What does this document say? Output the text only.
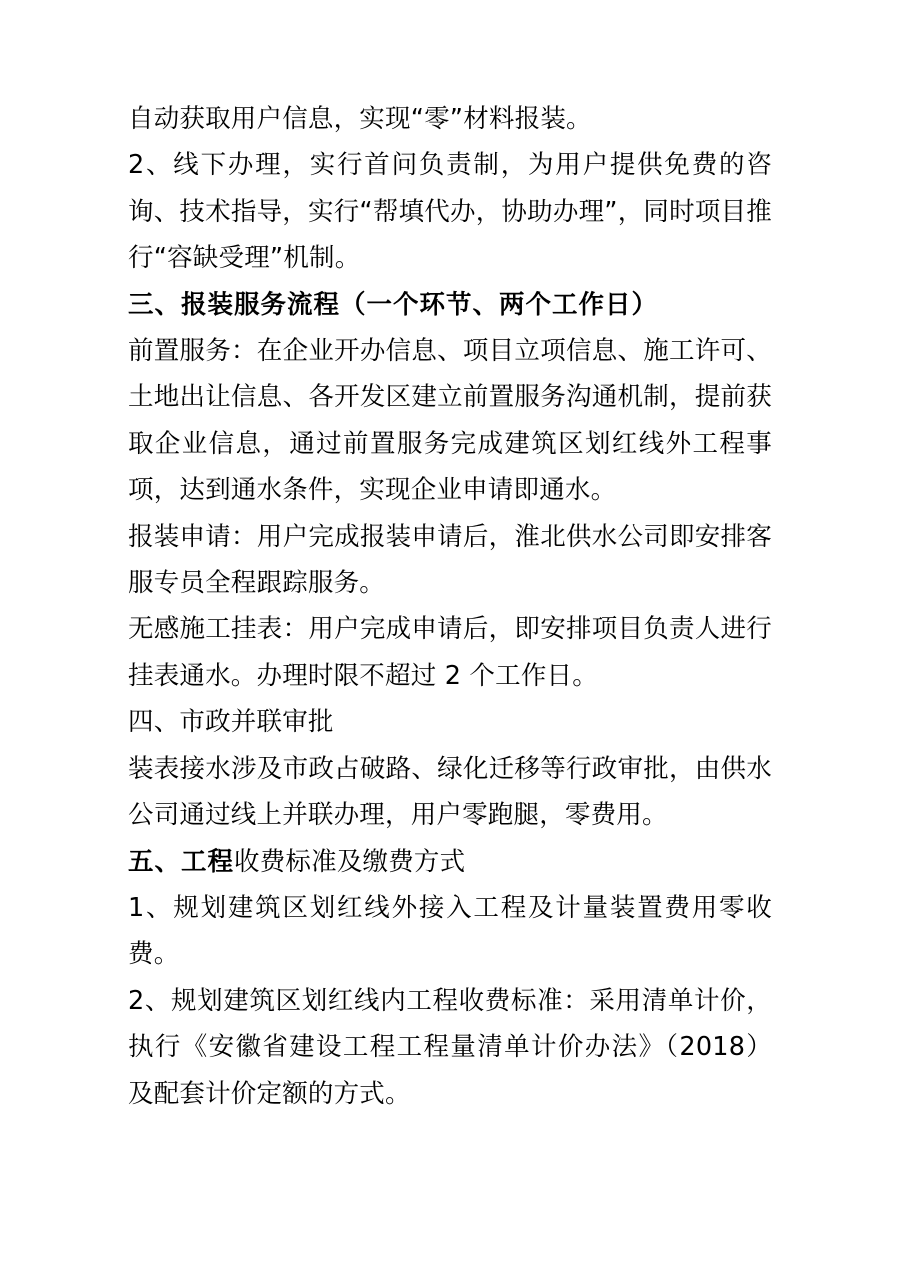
自动获取用户信息，实现“零”材料报装。

2、线下办理，实行首问负责制，为用户提供免费的咨询、技术指导，实行“帮填代办，协助办理”，同时项目推行“容缺受理”机制。

三、报装服务流程（一个环节、两个工作日）

前置服务：在企业开办信息、项目立项信息、施工许可、土地出让信息、各开发区建立前置服务沟通机制，提前获取企业信息，通过前置服务完成建筑区划红线外工程事项，达到通水条件，实现企业申请即通水。

报装申请：用户完成报装申请后，淮北供水公司即安排客服专员全程跟踪服务。

无感施工挂表：用户完成申请后，即安排项目负责人进行挂表通水。办理时限不超过 2 个工作日。

四、市政并联审批

装表接水涉及市政占破路、绿化迁移等行政审批，由供水公司通过线上并联办理，用户零跑腿，零费用。

五、工程收费标准及缴费方式

1、规划建筑区划红线外接入工程及计量装置费用零收费。

2、规划建筑区划红线内工程收费标准：采用清单计价，执行《安徽省建设工程工程量清单计价办法》（2018）及配套计价定额的方式。
